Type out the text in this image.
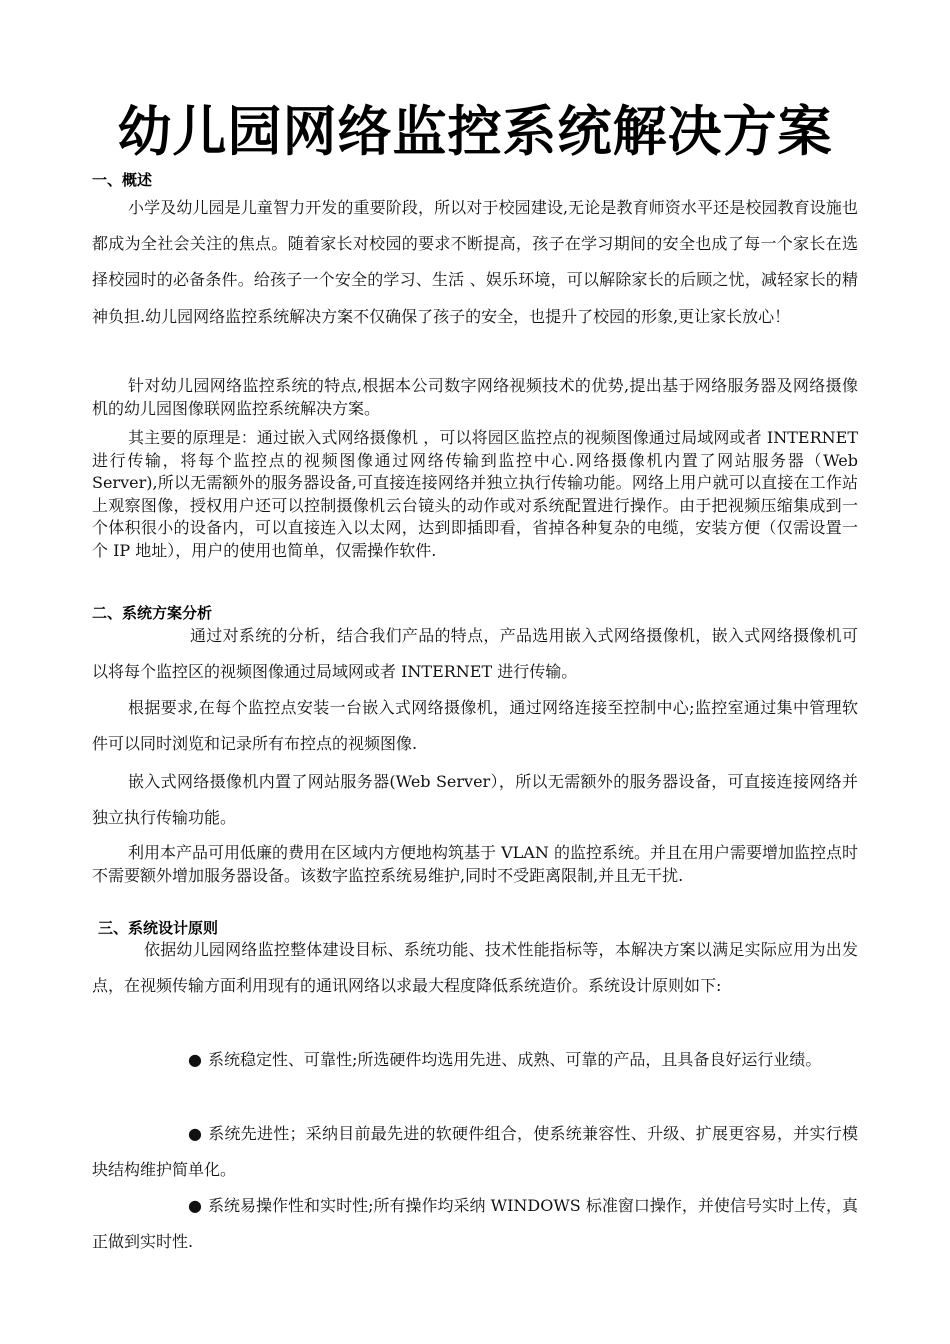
幼儿园网络监控系统解决方案
一、概述

小学及幼儿园是儿童智力开发的重要阶段，所以对于校园建设,无论是教育师资水平还是校园教育设施也都成为全社会关注的焦点。随着家长对校园的要求不断提高，孩子在学习期间的安全也成了每一个家长在选择校园时的必备条件。给孩子一个安全的学习、生活 、娱乐环境，可以解除家长的后顾之忧，减轻家长的精神负担.幼儿园网络监控系统解决方案不仅确保了孩子的安全，也提升了校园的形象,更让家长放心！

针对幼儿园网络监控系统的特点,根据本公司数字网络视频技术的优势,提出基于网络服务器及网络摄像机的幼儿园图像联网监控系统解决方案。

其主要的原理是：通过嵌入式网络摄像机 ，可以将园区监控点的视频图像通过局域网或者 INTERNET 进行传输，将每个监控点的视频图像通过网络传输到监控中心.网络摄像机内置了网站服务器（Web Server),所以无需额外的服务器设备,可直接连接网络并独立执行传输功能。网络上用户就可以直接在工作站上观察图像，授权用户还可以控制摄像机云台镜头的动作或对系统配置进行操作。由于把视频压缩集成到一个体积很小的设备内，可以直接连入以太网，达到即插即看，省掉各种复杂的电缆，安装方便（仅需设置一个 IP 地址），用户的使用也简单，仅需操作软件.

二、系统方案分析

通过对系统的分析，结合我们产品的特点，产品选用嵌入式网络摄像机，嵌入式网络摄像机可以将每个监控区的视频图像通过局域网或者 INTERNET 进行传输。

根据要求,在每个监控点安装一台嵌入式网络摄像机，通过网络连接至控制中心;监控室通过集中管理软件可以同时浏览和记录所有布控点的视频图像.

嵌入式网络摄像机内置了网站服务器(Web Server），所以无需额外的服务器设备，可直接连接网络并独立执行传输功能。

利用本产品可用低廉的费用在区域内方便地构筑基于 VLAN 的监控系统。并且在用户需要增加监控点时不需要额外增加服务器设备。该数字监控系统易维护,同时不受距离限制,并且无干扰.

三、系统设计原则

依据幼儿园网络监控整体建设目标、系统功能、技术性能指标等，本解决方案以满足实际应用为出发点，在视频传输方面利用现有的通讯网络以求最大程度降低系统造价。系统设计原则如下:

● 系统稳定性、可靠性;所选硬件均选用先进、成熟、可靠的产品，且具备良好运行业绩。

● 系统先进性；采纳目前最先进的软硬件组合，使系统兼容性、升级、扩展更容易，并实行模块结构维护简单化。

● 系统易操作性和实时性;所有操作均采纳 WINDOWS 标准窗口操作，并使信号实时上传，真正做到实时性.
